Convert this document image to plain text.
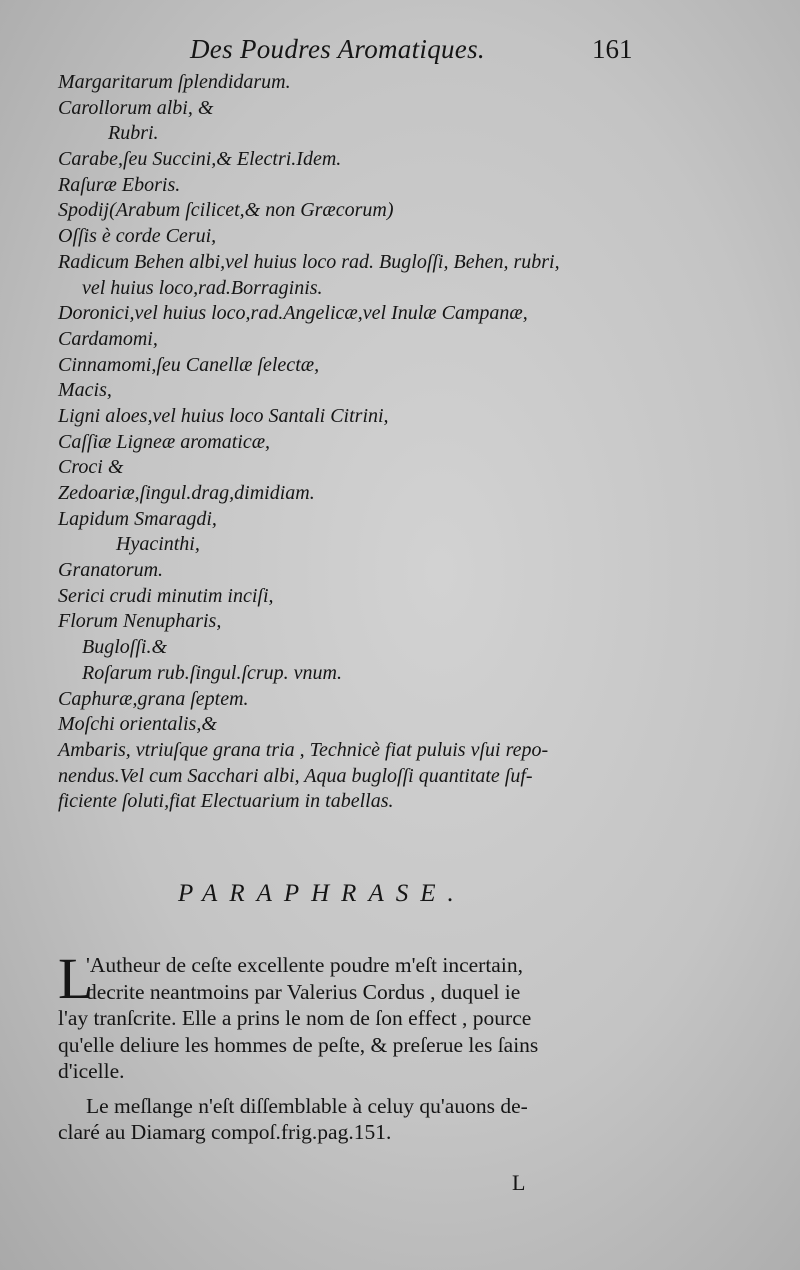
Des Poudres Aromatiques.	161
Margaritarum ſplendidarum.
Carollorum albi, &
Rubri.
Carabe,ſeu Succini,& Electri.Idem.
Raſuræ Eboris.
Spodij(Arabum ſcilicet,& non Græcorum)
Oſſis è corde Cerui,
Radicum Behen albi,vel huius loco rad. Bugloſſi, Behen, rubri,
vel huius loco,rad.Borraginis.
Doronici,vel huius loco,rad.Angelicæ,vel Inulæ Campanæ,
Cardamomi,
Cinnamomi,ſeu Canellæ ſelectæ,
Macis,
Ligni aloes,vel huius loco Santali Citrini,
Caſſiæ Ligneæ aromaticæ,
Croci &
Zedoariæ,ſingul.drag,dimidiam.
Lapidum Smaragdi,
Hyacinthi,
Granatorum.
Serici crudi minutim inciſi,
Florum Nenupharis,
Bugloſſi.&
Roſarum rub.ſingul.ſcrup. vnum.
Caphuræ,grana ſeptem.
Moſchi orientalis,&
Ambaris, vtriuſque grana tria , Technicè fiat puluis vſui repo-
nendus.Vel cum Sacchari albi, Aqua bugloſſi quantitate ſuf-
ficiente ſoluti,fiat Electuarium in tabellas.
PARAPHRASE.
L
'Autheur de ceſte excellente poudre m'eſt incertain,
decrite neantmoins par Valerius Cordus , duquel ie
l'ay tranſcrite. Elle a prins le nom de ſon effect , pource
qu'elle deliure les hommes de peſte, & preſerue les ſains
d'icelle.
Le meſlange n'eſt diſſemblable à celuy qu'auons de-
claré au Diamarg compoſ.frig.pag.151.
L
